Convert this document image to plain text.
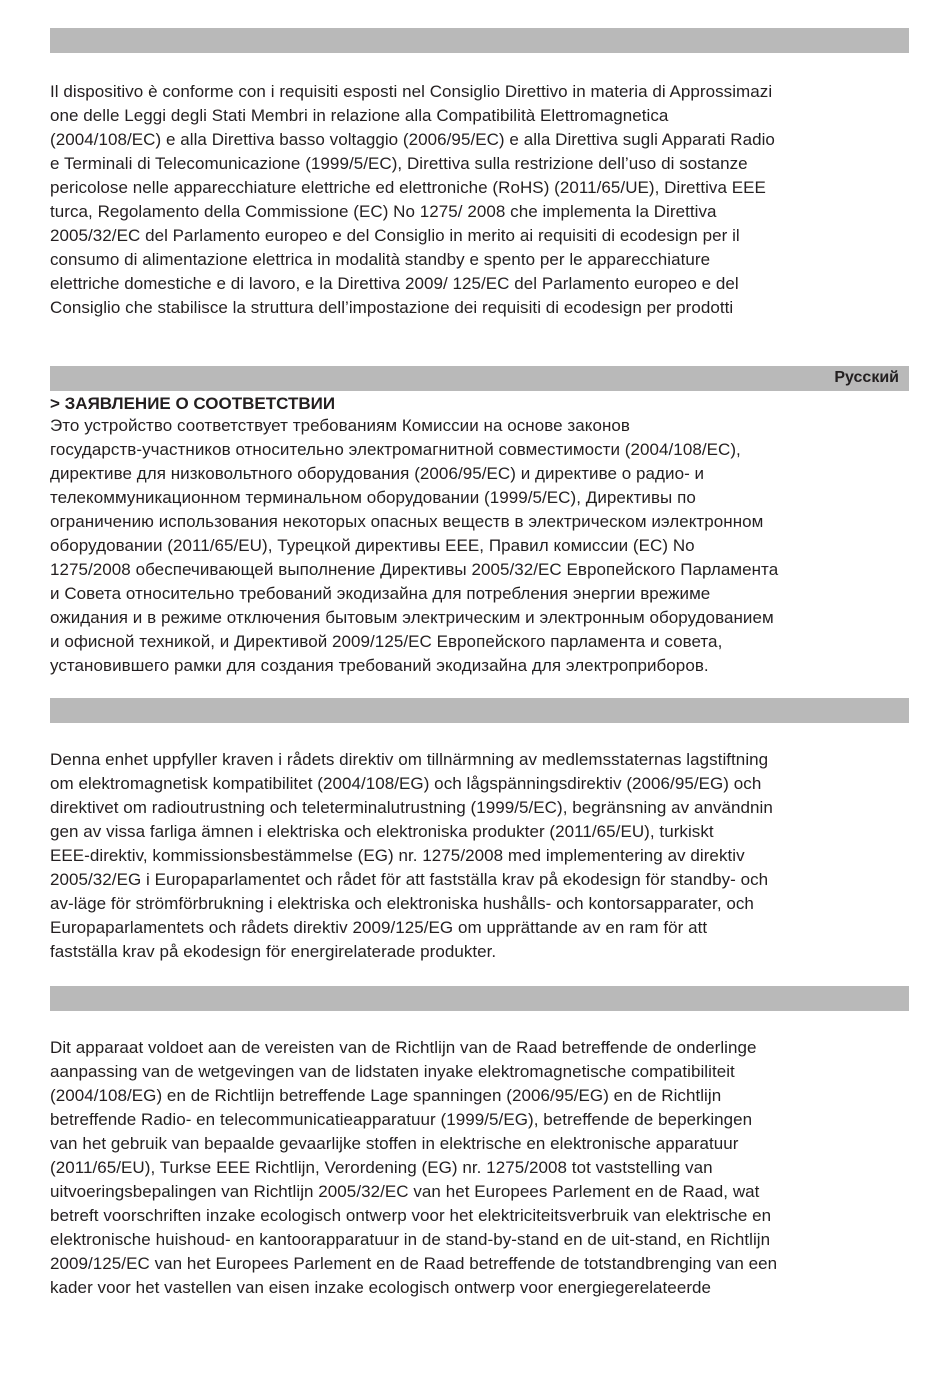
Il dispositivo è conforme con i requisiti esposti nel Consiglio Direttivo in materia di Approssimazi
one delle Leggi degli Stati Membri in relazione alla Compatibilità Elettromagnetica
(2004/108/EC) e alla Direttiva basso voltaggio (2006/95/EC) e alla Direttiva sugli Apparati Radio
e Terminali di Telecomunicazione (1999/5/EC), Direttiva sulla restrizione dell’uso di sostanze
pericolose nelle apparecchiature elettriche ed elettroniche (RoHS) (2011/65/UE), Direttiva EEE
turca, Regolamento della Commissione (EC) No 1275/ 2008 che implementa la Direttiva
2005/32/EC del Parlamento europeo e del Consiglio in merito ai requisiti di ecodesign per il
consumo di alimentazione elettrica in modalità standby e spento per le apparecchiature
elettriche domestiche e di lavoro, e la Direttiva 2009/ 125/EC del Parlamento europeo e del
Consiglio che stabilisce la struttura dell’impostazione dei requisiti di ecodesign per prodotti
Русский
> ЗАЯВЛЕНИЕ О СООТВЕТСТВИИ
Это устройство соответствует требованиям Комиссии на основе законов
государств-участников относительно электромагнитной совместимости (2004/108/EC),
директиве для низковольтного оборудования (2006/95/EC) и директиве о радио- и
телекоммуникационном терминальном оборудовании (1999/5/EC), Директивы по
ограничению использования некоторых опасных веществ в электрическом иэлектронном
оборудовании (2011/65/EU), Турецкой директивы EEE, Правил комиссии (EC) No
1275/2008 обеспечивающей выполнение Директивы 2005/32/EC Европейского Парламента
и Совета относительно требований экодизайна для потребления энергии врежиме
ожидания и в режиме отключения бытовым электрическим и электронным оборудованием
и офисной техникой, и Директивой 2009/125/EC Европейского парламента и совета,
установившего рамки для создания требований экодизайна для электроприборов.
Denna enhet uppfyller kraven i rådets direktiv om tillnärmning av medlemsstaternas lagstiftning
om elektromagnetisk kompatibilitet (2004/108/EG) och lågspänningsdirektiv (2006/95/EG) och
direktivet om radioutrustning och teleterminalutrustning (1999/5/EC), begränsning av användnin
gen av vissa farliga ämnen i elektriska och elektroniska produkter (2011/65/EU), turkiskt
EEE-direktiv, kommissionsbestämmelse (EG) nr. 1275/2008 med implementering av direktiv
2005/32/EG i Europaparlamentet och rådet för att fastställa krav på ekodesign för standby- och
av-läge för strömförbrukning i elektriska och elektroniska hushålls- och kontorsapparater, och
Europaparlamentets och rådets direktiv 2009/125/EG om upprättande av en ram för att
fastställa krav på ekodesign för energirelaterade produkter.
Dit apparaat voldoet aan de vereisten van de Richtlijn van de Raad betreffende de onderlinge
aanpassing van de wetgevingen van de lidstaten inyake elektromagnetische compatibiliteit
(2004/108/EG) en de Richtlijn betreffende Lage spanningen (2006/95/EG) en de Richtlijn
betreffende Radio- en telecommunicatieapparatuur (1999/5/EG), betreffende de beperkingen
van het gebruik van bepaalde gevaarlijke stoffen in elektrische en elektronische apparatuur
(2011/65/EU), Turkse EEE Richtlijn, Verordening (EG) nr. 1275/2008 tot vaststelling van
uitvoeringsbepalingen van Richtlijn 2005/32/EC van het Europees Parlement en de Raad, wat
betreft voorschriften inzake ecologisch ontwerp voor het elektriciteitsverbruik van elektrische en
elektronische huishoud- en kantoorapparatuur in de stand-by-stand en de uit-stand, en Richtlijn
2009/125/EC van het Europees Parlement en de Raad betreffende de totstandbrenging van een
kader voor het vastellen van eisen inzake ecologisch ontwerp voor energiegerelateerde
